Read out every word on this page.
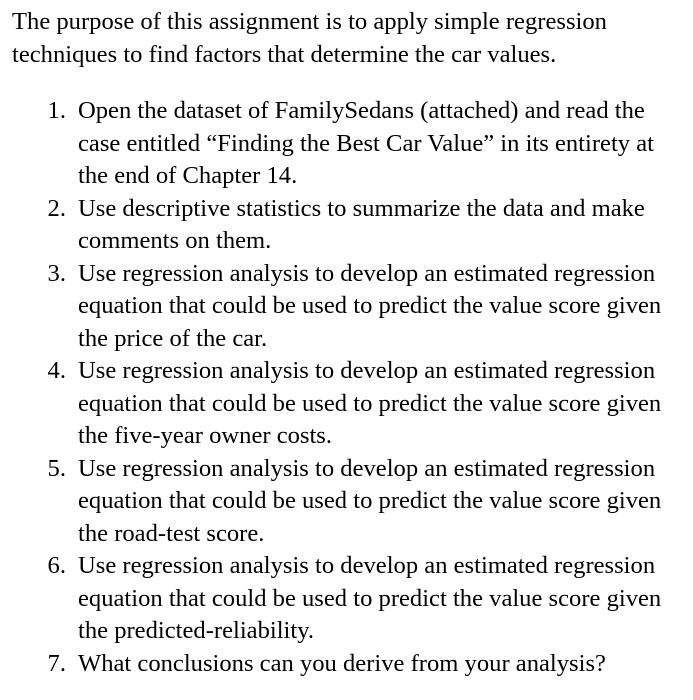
The purpose of this assignment is to apply simple regression techniques to find factors that determine the car values.

1. Open the dataset of FamilySedans (attached) and read the case entitled “Finding the Best Car Value” in its entirety at the end of Chapter 14.
2. Use descriptive statistics to summarize the data and make comments on them.
3. Use regression analysis to develop an estimated regression equation that could be used to predict the value score given the price of the car.
4. Use regression analysis to develop an estimated regression equation that could be used to predict the value score given the five-year owner costs.
5. Use regression analysis to develop an estimated regression equation that could be used to predict the value score given the road-test score.
6. Use regression analysis to develop an estimated regression equation that could be used to predict the value score given the predicted-reliability.
7. What conclusions can you derive from your analysis?
